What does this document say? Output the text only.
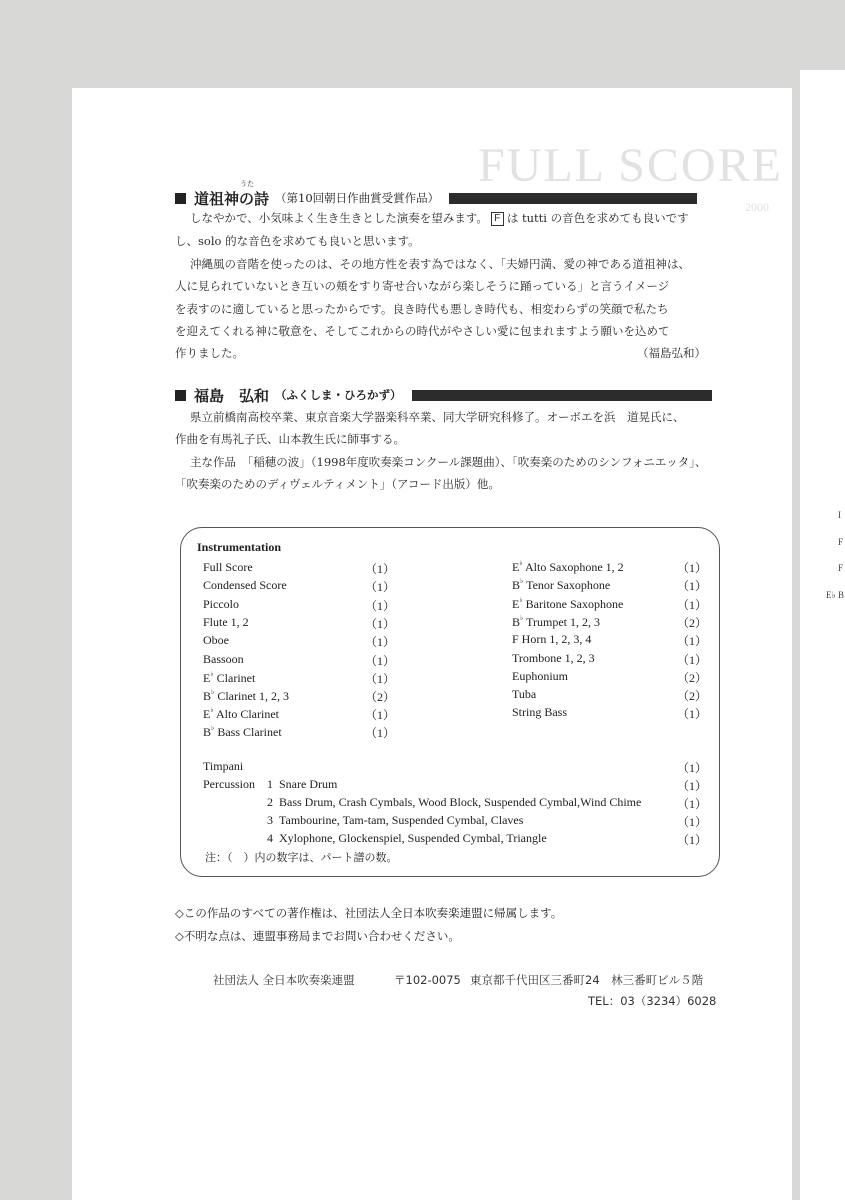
FULL SCORE
2000
I
F
F
E♭ B
道祖神の詩
うた
（第10回朝日作曲賞受賞作品）
しなやかで、小気味よく生き生きとした演奏を望みます。 F は tutti の音色を求めても良いです
し、solo 的な音色を求めても良いと思います。
沖縄風の音階を使ったのは、その地方性を表す為ではなく、「夫婦円満、愛の神である道祖神は、
人に見られていないとき互いの頬をすり寄せ合いながら楽しそうに踊っている」と言うイメージ
を表すのに適していると思ったからです。良き時代も悪しき時代も、相変わらずの笑顔で私たち
を迎えてくれる神に敬意を、そしてこれからの時代がやさしい愛に包まれますよう願いを込めて
作りました。	（福島弘和）
福島　弘和 （ふくしま・ひろかず）
県立前橋南高校卒業、東京音楽大学器楽科卒業、同大学研究科修了。オーボエを浜　道晃氏に、
作曲を有馬礼子氏、山本教生氏に師事する。
主な作品　「稲穂の波」（1998年度吹奏楽コンクール課題曲）、「吹奏楽のためのシンフォニエッタ」、
「吹奏楽のためのディヴェルティメント」（アコード出版）他。
Instrumentation
Full Score	（1）
Condensed Score	（1）
Piccolo	（1）
Flute 1, 2	（1）
Oboe	（1）
Bassoon	（1）
E♭ Clarinet	（1）
B♭ Clarinet 1, 2, 3	（2）
E♭ Alto Clarinet	（1）
B♭ Bass Clarinet	（1）
E♭ Alto Saxophone 1, 2	（1）
B♭ Tenor Saxophone	（1）
E♭ Baritone Saxophone	（1）
B♭ Trumpet 1, 2, 3	（2）
F Horn 1, 2, 3, 4	（1）
Trombone 1, 2, 3	（1）
Euphonium	（2）
Tuba	（2）
String Bass	（1）
Timpani	（1）
Percussion 1 Snare Drum	（1）
2 Bass Drum, Crash Cymbals, Wood Block, Suspended Cymbal,Wind Chime	（1）
3 Tambourine, Tam-tam, Suspended Cymbal, Claves	（1）
4 Xylophone, Glockenspiel, Suspended Cymbal, Triangle	（1）
注：（　）内の数字は、パート譜の数。
◇この作品のすべての著作権は、社団法人全日本吹奏楽連盟に帰属します。
◇不明な点は、連盟事務局までお問い合わせください。
社団法人 全日本吹奏楽連盟	〒102-0075 東京都千代田区三番町24　林三番町ビル５階
TEL：03（3234）6028
